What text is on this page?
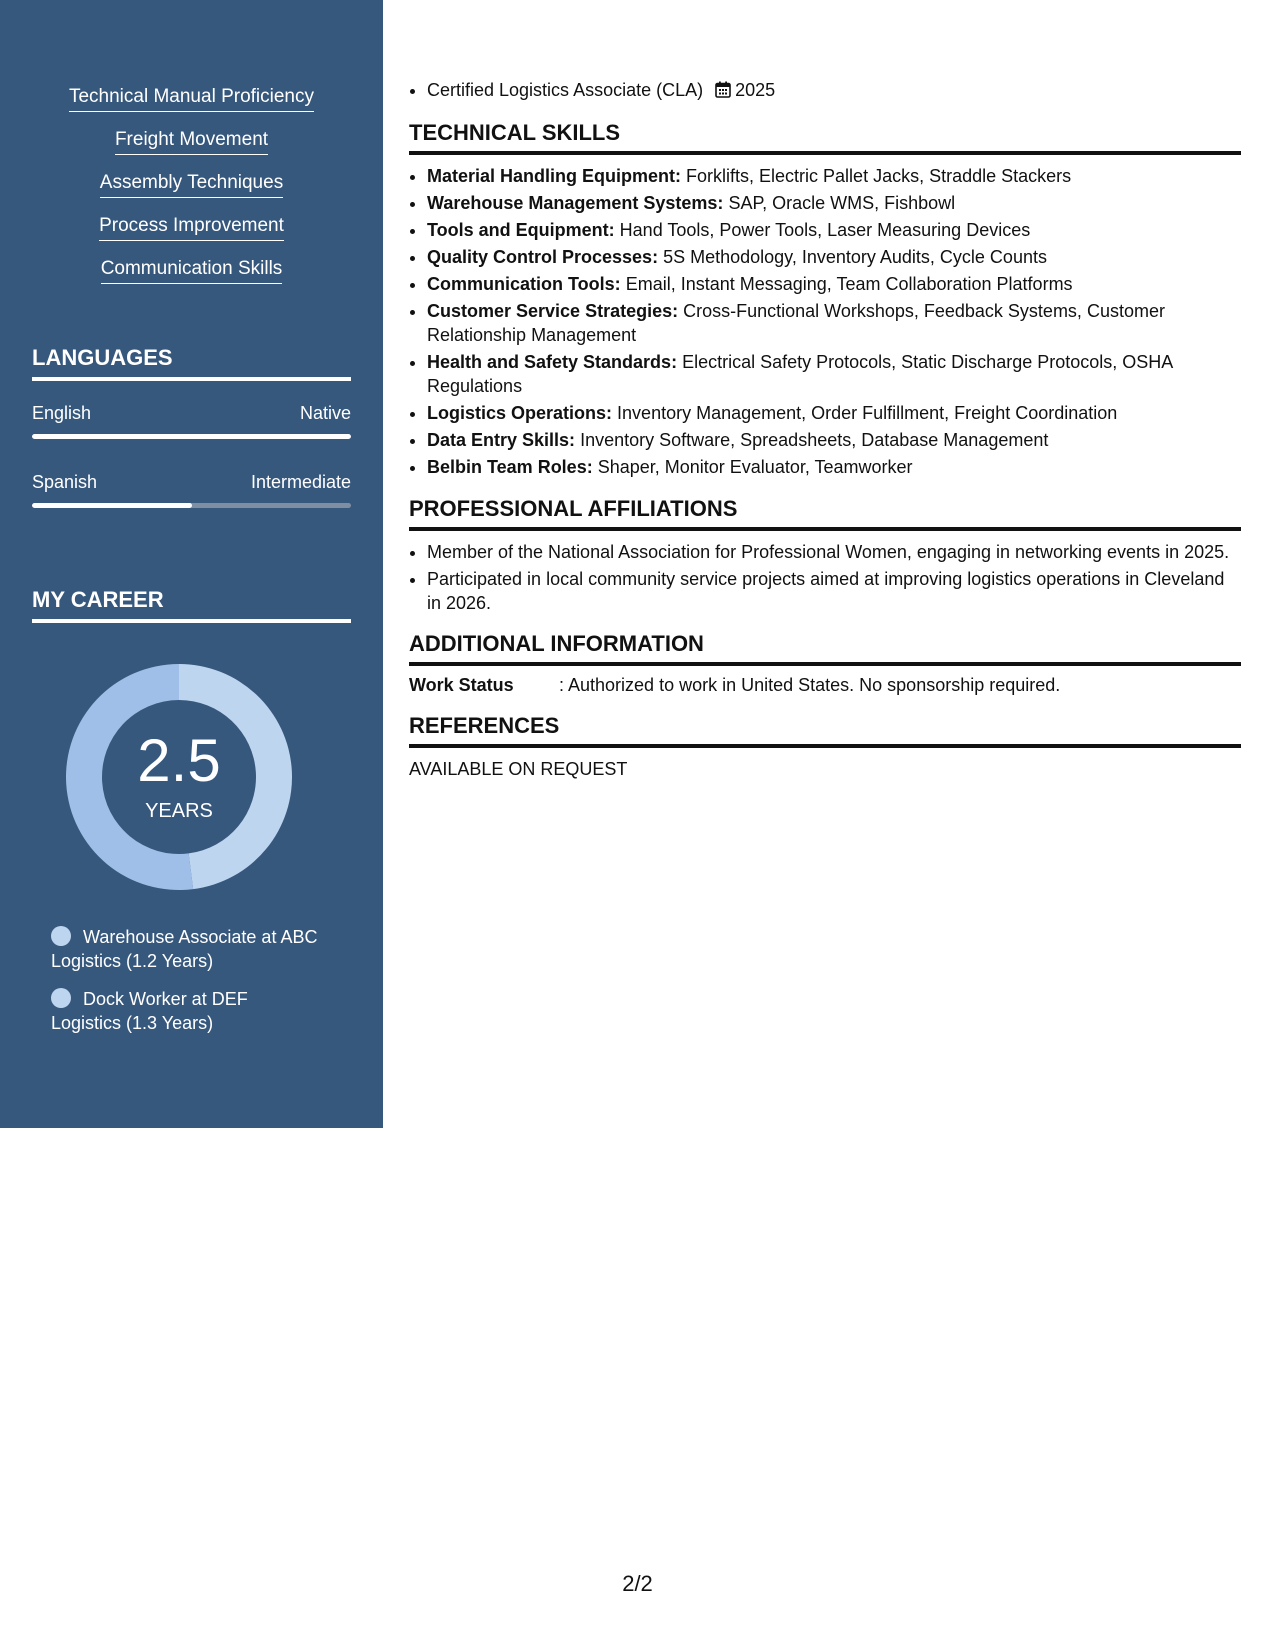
Technical Manual Proficiency
Freight Movement
Assembly Techniques
Process Improvement
Communication Skills
LANGUAGES
English	Native
Spanish	Intermediate
MY CAREER
2.5
YEARS
Warehouse Associate at ABC Logistics (1.2 Years)
Dock Worker at DEF Logistics (1.3 Years)
• Certified Logistics Associate (CLA) 2025
TECHNICAL SKILLS
• Material Handling Equipment: Forklifts, Electric Pallet Jacks, Straddle Stackers
• Warehouse Management Systems: SAP, Oracle WMS, Fishbowl
• Tools and Equipment: Hand Tools, Power Tools, Laser Measuring Devices
• Quality Control Processes: 5S Methodology, Inventory Audits, Cycle Counts
• Communication Tools: Email, Instant Messaging, Team Collaboration Platforms
• Customer Service Strategies: Cross-Functional Workshops, Feedback Systems, Customer Relationship Management
• Health and Safety Standards: Electrical Safety Protocols, Static Discharge Protocols, OSHA Regulations
• Logistics Operations: Inventory Management, Order Fulfillment, Freight Coordination
• Data Entry Skills: Inventory Software, Spreadsheets, Database Management
• Belbin Team Roles: Shaper, Monitor Evaluator, Teamworker
PROFESSIONAL AFFILIATIONS
• Member of the National Association for Professional Women, engaging in networking events in 2025.
• Participated in local community service projects aimed at improving logistics operations in Cleveland in 2026.
ADDITIONAL INFORMATION
Work Status	: Authorized to work in United States. No sponsorship required.
REFERENCES
AVAILABLE ON REQUEST
2/2
